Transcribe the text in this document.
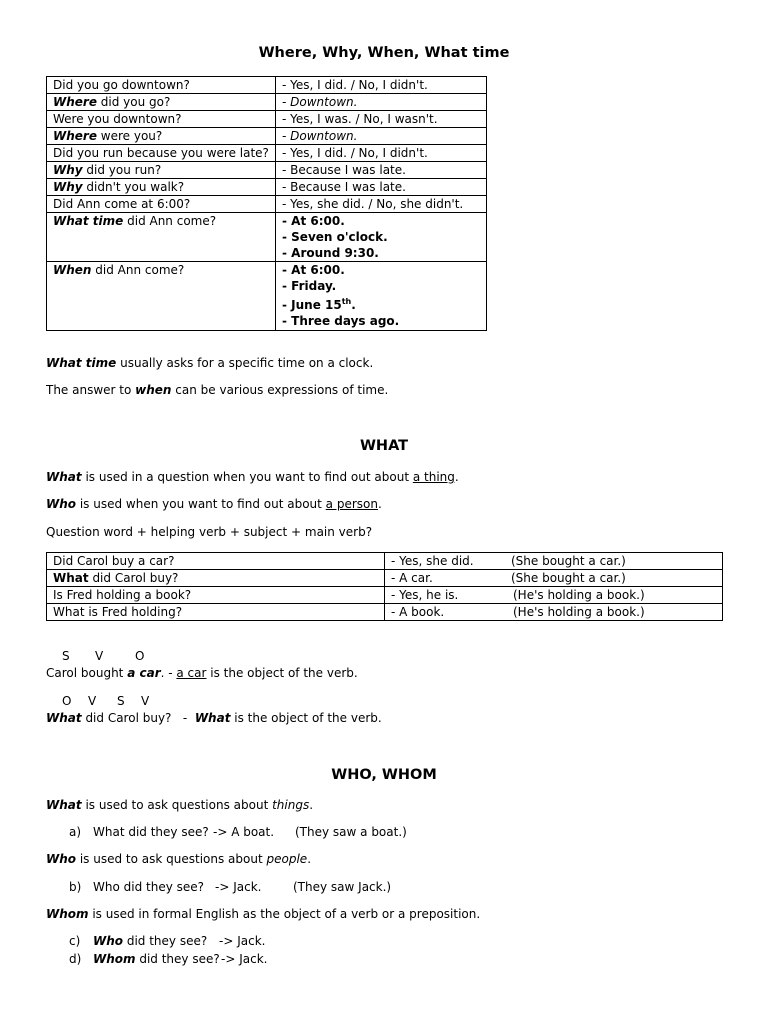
Where, Why, When, What time
Did you go downtown?	- Yes, I did. / No, I didn't.

Where did you go?	- Downtown.

Were you downtown?	- Yes, I was. / No, I wasn't.

Where were you?	- Downtown.

Did you run because you were late?	- Yes, I did. / No, I didn't.

Why did you run?	- Because I was late.

Why didn't you walk?	- Because I was late.

Did Ann come at 6:00?	- Yes, she did. / No, she didn't.

What time did Ann come?	- At 6:00.
- Seven o'clock.
- Around 9:30.

When did Ann come?	- At 6:00.
- Friday.
- June 15th.
- Three days ago.
What time usually asks for a specific time on a clock.
The answer to when can be various expressions of time.
WHAT
What is used in a question when you want to find out about a thing.
Who is used when you want to find out about a person.
Question word + helping verb + subject + main verb?
Did Carol buy a car?	- Yes, she did. (She bought a car.)

What did Carol buy?	- A car. (She bought a car.)

Is Fred holding a book?	- Yes, he is. (He's holding a book.)

What is Fred holding?	- A book. (He's holding a book.)
S V	O
Carol bought a car. - a car is the object of the verb.
O V S V
What did Carol buy?   -  What is the object of the verb.
WHO, WHOM
What is used to ask questions about things.
a) What did they see? -> A boat. (They saw a boat.)
Who is used to ask questions about people.
b) Who did they see? -> Jack.	(They saw Jack.)
Whom is used in formal English as the object of a verb or a preposition.
c) Who did they see? -> Jack.
d) Whom did they see? -> Jack.
